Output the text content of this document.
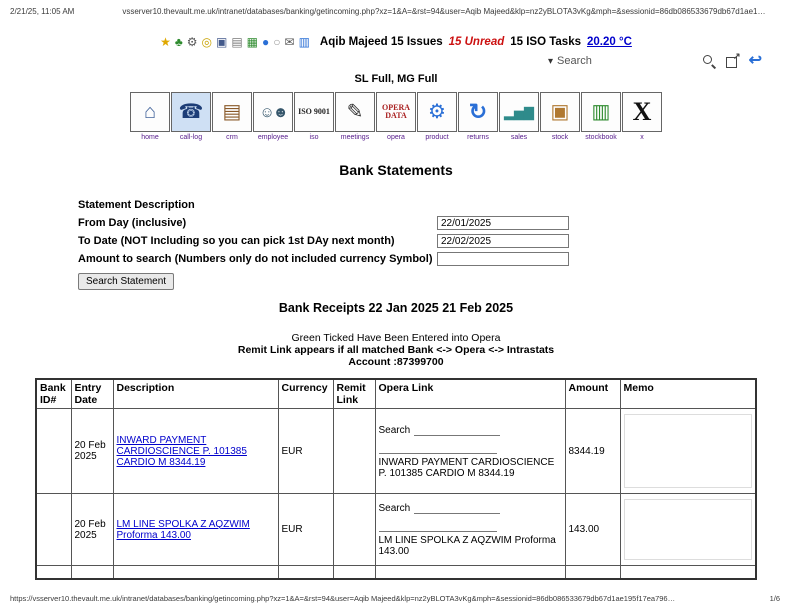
2/21/25, 11:05 AM	vsserver10.thevault.me.uk/intranet/databases/banking/getincoming.php?xz=1&A=&rst=94&user=Aqib Majeed&klp=nz2yBLOTA3vKg&mph=&sessionid=86db086533679db67d1ae1…
★ ♣ ⚙ ◎ ▣ ▤ ▦ ● ○ ✉ ▥ Aqib Majeed 15 Issues 15 Unread 15 ISO Tasks 20.20 °C
▾
Search ↗	↩
SL Full, MG Full
⌂
home
☎
call-log
▤
crm
☺☻
employee
ISO 9001
iso
✎
meetings
OPERA DATA
opera
⚙
product
↻
returns
▂▅▇
sales
▣
stock
▥
stockbook
X
x
Bank Statements
Statement Description
From Day (inclusive)
22/01/2025
To Date (NOT Including so you can pick 1st DAy next month)
22/02/2025
Amount to search (Numbers only do not included currency Symbol)
Search Statement
Bank Receipts 22 Jan 2025 21 Feb 2025
Green Ticked Have Been Entered into Opera
Remit Link appears if all matched Bank <-> Opera <-> Intrastats
Account :87399700
Bank ID#	Entry Date	Description	Currency	Remit Link	Opera Link	Amount	Memo
	20 Feb 2025	INWARD PAYMENT CARDIOSCIENCE P. 101385 CARDIO M 8344.19	EUR		Search
INWARD PAYMENT CARDIOSCIENCE P. 101385 CARDIO M 8344.19	8344.19	

	20 Feb 2025	LM LINE SPOLKA Z AQZWIM Proforma 143.00	EUR		Search
LM LINE SPOLKA Z AQZWIM Proforma 143.00	143.00	

https://vsserver10.thevault.me.uk/intranet/databases/banking/getincoming.php?xz=1&A=&rst=94&user=Aqib Majeed&klp=nz2yBLOTA3vKg&mph=&sessionid=86db086533679db67d1ae195f17ea796…	1/6
